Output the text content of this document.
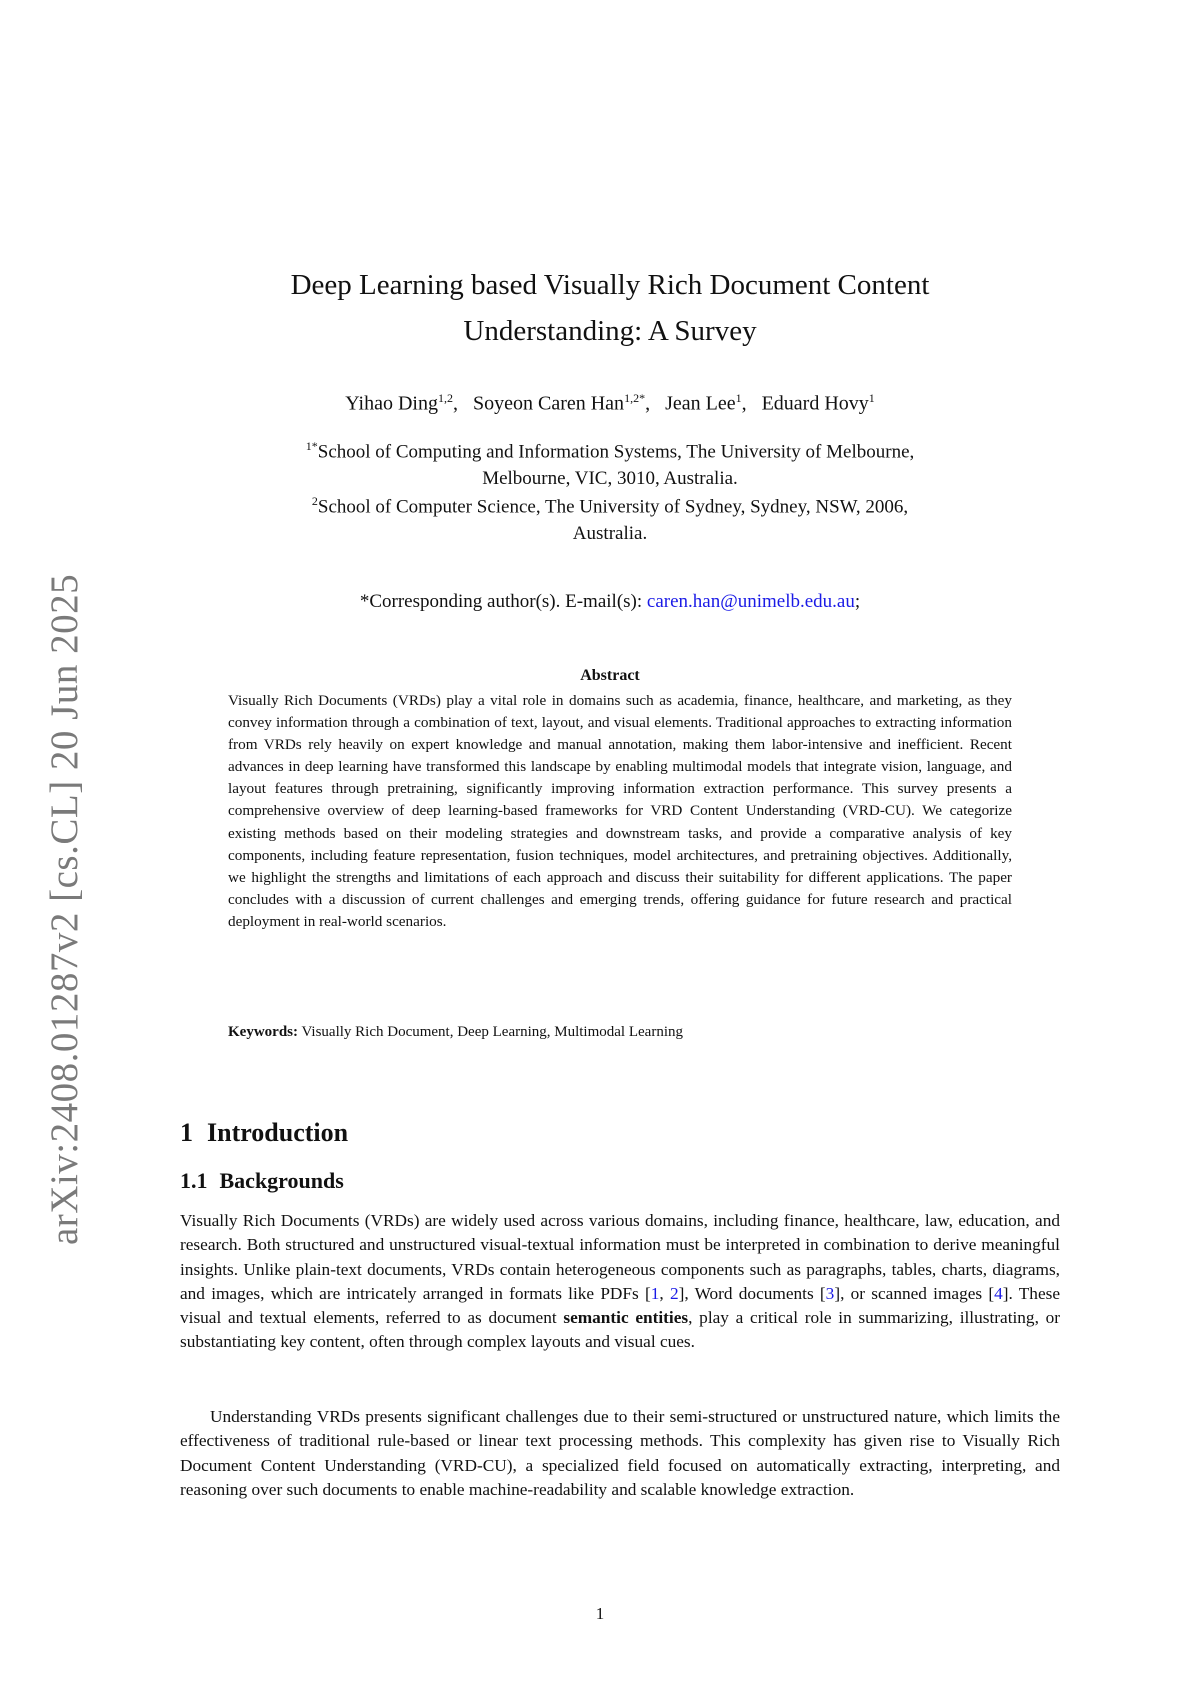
arXiv:2408.01287v2 [cs.CL] 20 Jun 2025
Deep Learning based Visually Rich Document Content
Understanding: A Survey
Yihao Ding$^{1,2}$,   Soyeon Caren Han$^{1,2*}$,   Jean Lee$^1$,   Eduard Hovy$^1$
$^{1*}$School of Computing and Information Systems, The University of Melbourne,
Melbourne, VIC, 3010, Australia.
$^2$School of Computer Science, The University of Sydney, Sydney, NSW, 2006,
Australia.
*Corresponding author(s). E-mail(s): caren.han@unimelb.edu.au;
Abstract
Visually Rich Documents (VRDs) play a vital role in domains such as academia, finance, healthcare, and marketing, as they convey information through a combination of text, layout, and visual elements. Traditional approaches to extracting information from VRDs rely heavily on expert knowledge and manual annotation, making them labor-intensive and inefficient. Recent advances in deep learning have transformed this landscape by enabling multimodal models that integrate vision, language, and layout features through pretraining, significantly improving information extraction performance. This survey presents a comprehensive overview of deep learning-based frameworks for VRD Content Understanding (VRD-CU). We categorize existing methods based on their modeling strategies and downstream tasks, and provide a comparative analysis of key components, including feature representation, fusion techniques, model architectures, and pretraining objectives. Additionally, we highlight the strengths and limitations of each approach and discuss their suitability for different applications. The paper concludes with a discussion of current challenges and emerging trends, offering guidance for future research and practical deployment in real-world scenarios.
Keywords: Visually Rich Document, Deep Learning, Multimodal Learning
1 Introduction
1.1 Backgrounds

Visually Rich Documents (VRDs) are widely used across various domains, including finance, healthcare, law, education, and research. Both structured and unstructured visual-textual information must be interpreted in combination to derive meaningful insights. Unlike plain-text documents, VRDs contain heterogeneous components such as paragraphs, tables, charts, diagrams, and images, which are intricately arranged in formats like PDFs [1, 2], Word documents [3], or scanned images [4]. These visual and textual elements, referred to as document semantic entities, play a critical role in summarizing, illustrating, or substantiating key content, often through complex layouts and visual cues.

Understanding VRDs presents significant challenges due to their semi-structured or unstructured nature, which limits the effectiveness of traditional rule-based or linear text processing methods. This complexity has given rise to Visually Rich Document Content Understanding (VRD-CU), a specialized field focused on automatically extracting, interpreting, and reasoning over such documents to enable machine-readability and scalable knowledge extraction.

1
